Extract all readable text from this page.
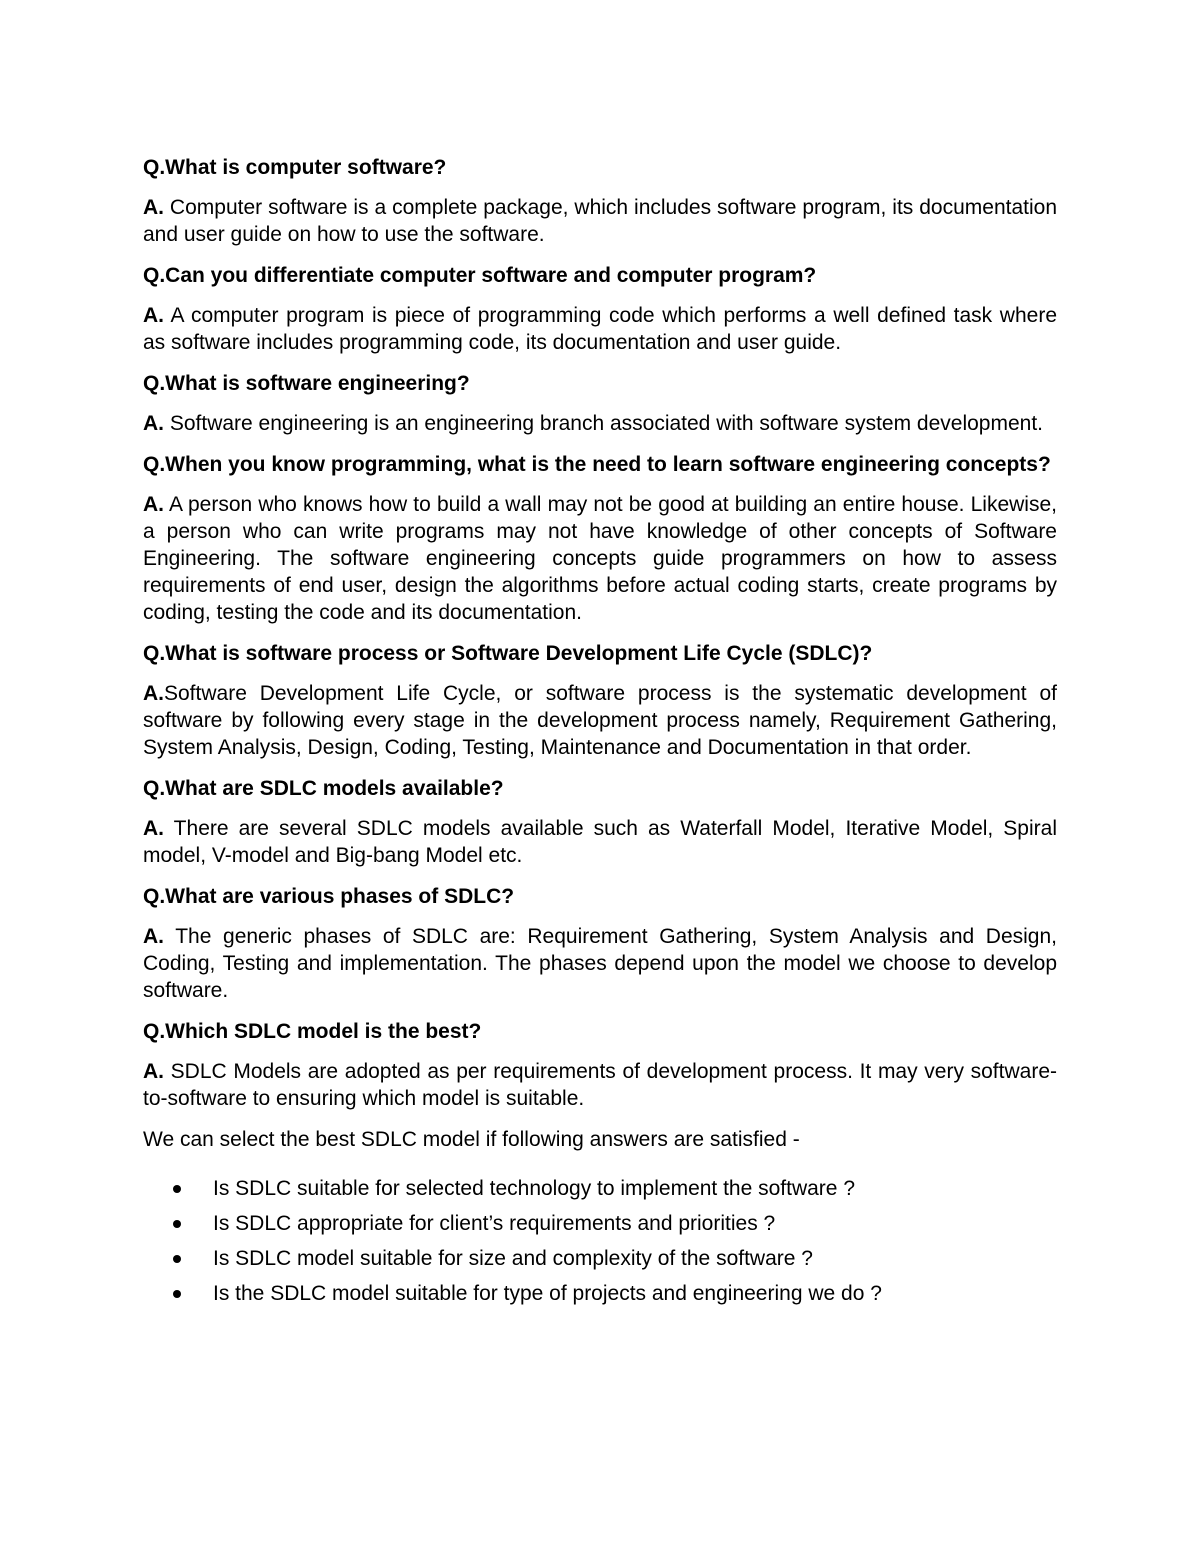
Q.What is computer software?

A. Computer software is a complete package, which includes software program, its documentation and user guide on how to use the software.

Q.Can you differentiate computer software and computer program?

A. A computer program is piece of programming code which performs a well defined task where as software includes programming code, its documentation and user guide.

Q.What is software engineering?

A. Software engineering is an engineering branch associated with software system development.

Q.When you know programming, what is the need to learn software engineering concepts?

A. A person who knows how to build a wall may not be good at building an entire house. Likewise, a person who can write programs may not have knowledge of other concepts of Software Engineering. The software engineering concepts guide programmers on how to assess requirements of end user, design the algorithms before actual coding starts, create programs by coding, testing the code and its documentation.

Q.What is software process or Software Development Life Cycle (SDLC)?

A.Software Development Life Cycle, or software process is the systematic development of software by following every stage in the development process namely, Requirement Gathering, System Analysis, Design, Coding, Testing, Maintenance and Documentation in that order.

Q.What are SDLC models available?

A. There are several SDLC models available such as Waterfall Model, Iterative Model, Spiral model, V-model and Big-bang Model etc.

Q.What are various phases of SDLC?

A. The generic phases of SDLC are: Requirement Gathering, System Analysis and Design, Coding, Testing and implementation. The phases depend upon the model we choose to develop software.

Q.Which SDLC model is the best?

A. SDLC Models are adopted as per requirements of development process. It may very software-to-software to ensuring which model is suitable.

We can select the best SDLC model if following answers are satisfied -

Is SDLC suitable for selected technology to implement the software ?
Is SDLC appropriate for client’s requirements and priorities ?
Is SDLC model suitable for size and complexity of the software ?
Is the SDLC model suitable for type of projects and engineering we do ?
